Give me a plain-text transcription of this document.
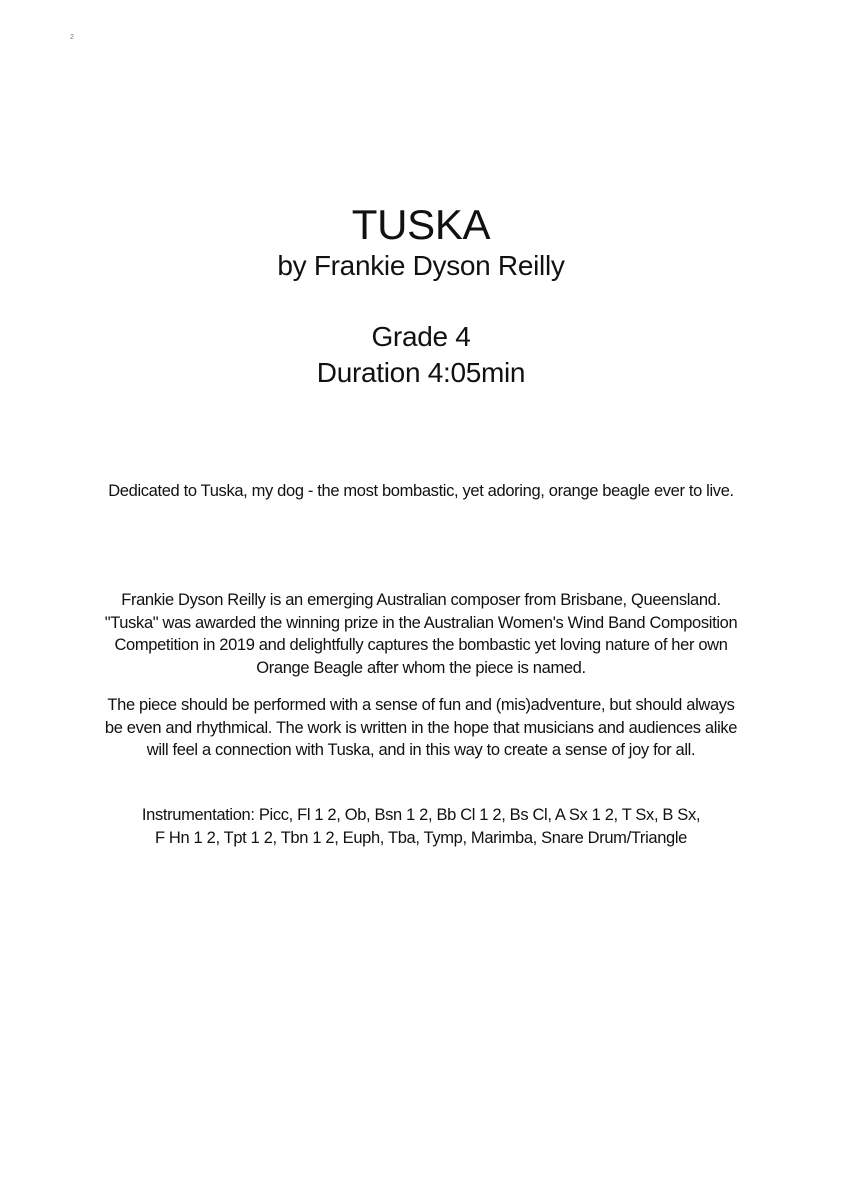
2
TUSKA
by Frankie Dyson Reilly
Grade 4
Duration 4:05min
Dedicated to Tuska, my dog - the most bombastic, yet adoring, orange beagle ever to live.
Frankie Dyson Reilly is an emerging Australian composer from Brisbane, Queensland.
"Tuska" was awarded the winning prize in the Australian Women's Wind Band Composition
Competition in 2019 and delightfully captures the bombastic yet loving nature of her own
Orange Beagle after whom the piece is named.
The piece should be performed with a sense of fun and (mis)adventure, but should always
be even and rhythmical. The work is written in the hope that musicians and audiences alike
will feel a connection with Tuska, and in this way to create a sense of joy for all.
Instrumentation: Picc, Fl 1 2, Ob, Bsn 1 2, Bb Cl 1 2, Bs Cl, A Sx 1 2, T Sx, B Sx,
F Hn 1 2, Tpt 1 2, Tbn 1 2, Euph, Tba, Tymp, Marimba, Snare Drum/Triangle
